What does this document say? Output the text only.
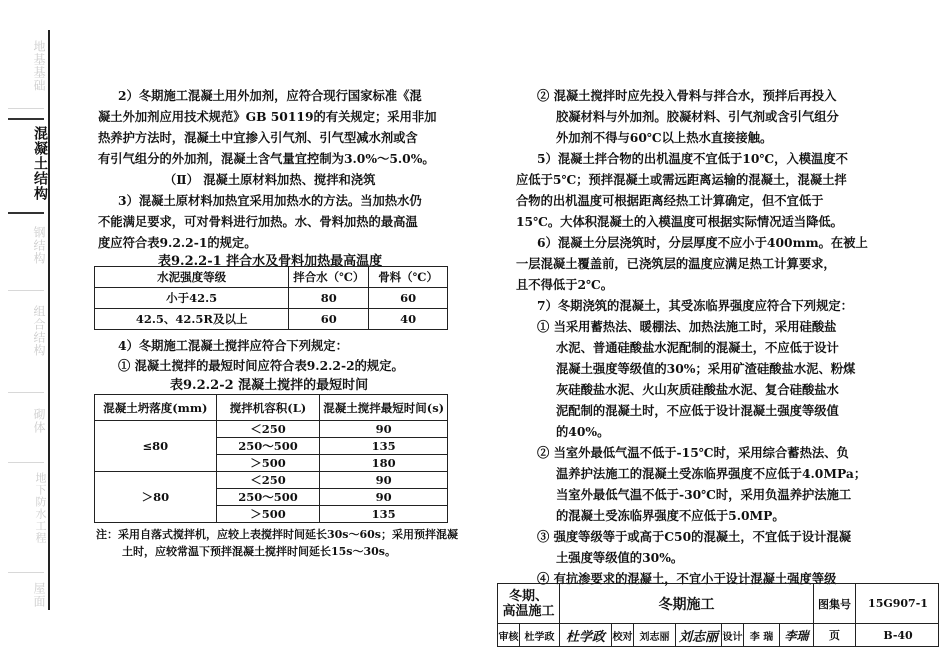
地基基础
混凝土结构
钢结构
组合结构
砌体
地下防水工程
屋面
2）冬期施工混凝土用外加剂，应符合现行国家标准《混
凝土外加剂应用技术规范》GB 50119的有关规定；采用非加
热养护方法时，混凝土中宜掺入引气剂、引气型减水剂或含
有引气组分的外加剂，混凝土含气量宜控制为3.0%～5.0%。
（Ⅱ） 混凝土原材料加热、搅拌和浇筑
3）混凝土原材料加热宜采用加热水的方法。当加热水仍
不能满足要求，可对骨料进行加热。水、骨料加热的最高温
度应符合表9.2.2-1的规定。
表9.2.2-1 拌合水及骨料加热最高温度
水泥强度等级	拌合水（℃）	骨料（℃）
小于42.5	80	60
42.5、42.5R及以上	60	40
4）冬期施工混凝土搅拌应符合下列规定：
① 混凝土搅拌的最短时间应符合表9.2.2-2的规定。
表9.2.2-2 混凝土搅拌的最短时间
混凝土坍落度(mm)	搅拌机容积(L)	混凝土搅拌最短时间(s)
≤80	＜250	90
	250～500	135
	＞500	180
＞80	＜250	90
	250～500	90
	＞500	135
注：采用自落式搅拌机，应较上表搅拌时间延长30s～60s；采用预拌混凝
土时，应较常温下预拌混凝土搅拌时间延长15s～30s。
② 混凝土搅拌时应先投入骨料与拌合水，预拌后再投入
胶凝材料与外加剂。胶凝材料、引气剂或含引气组分
外加剂不得与60℃以上热水直接接触。
5）混凝土拌合物的出机温度不宜低于10℃，入模温度不
应低于5℃；预拌混凝土或需远距离运输的混凝土，混凝土拌
合物的出机温度可根据距离经热工计算确定，但不宜低于
15℃。大体积混凝土的入模温度可根据实际情况适当降低。
6）混凝土分层浇筑时，分层厚度不应小于400mm。在被上
一层混凝土覆盖前，已浇筑层的温度应满足热工计算要求，
且不得低于2℃。
7）冬期浇筑的混凝土，其受冻临界强度应符合下列规定：
① 当采用蓄热法、暖棚法、加热法施工时，采用硅酸盐
水泥、普通硅酸盐水泥配制的混凝土，不应低于设计
混凝土强度等级值的30%；采用矿渣硅酸盐水泥、粉煤
灰硅酸盐水泥、火山灰质硅酸盐水泥、复合硅酸盐水
泥配制的混凝土时，不应低于设计混凝土强度等级值
的40%。
② 当室外最低气温不低于-15℃时，采用综合蓄热法、负
温养护法施工的混凝土受冻临界强度不应低于4.0MPa；
当室外最低气温不低于-30℃时，采用负温养护法施工
的混凝土受冻临界强度不应低于5.0MP。
③ 强度等级等于或高于C50的混凝土，不宜低于设计混凝
土强度等级值的30%。
④ 有抗渗要求的混凝土，不宜小于设计混凝土强度等级
冬期、
高温施工	冬期施工	图集号	15G907-1
审核 杜学政 杜学政 校对 刘志丽 刘志丽 设计 李 瑞 李瑞	页	B-40
